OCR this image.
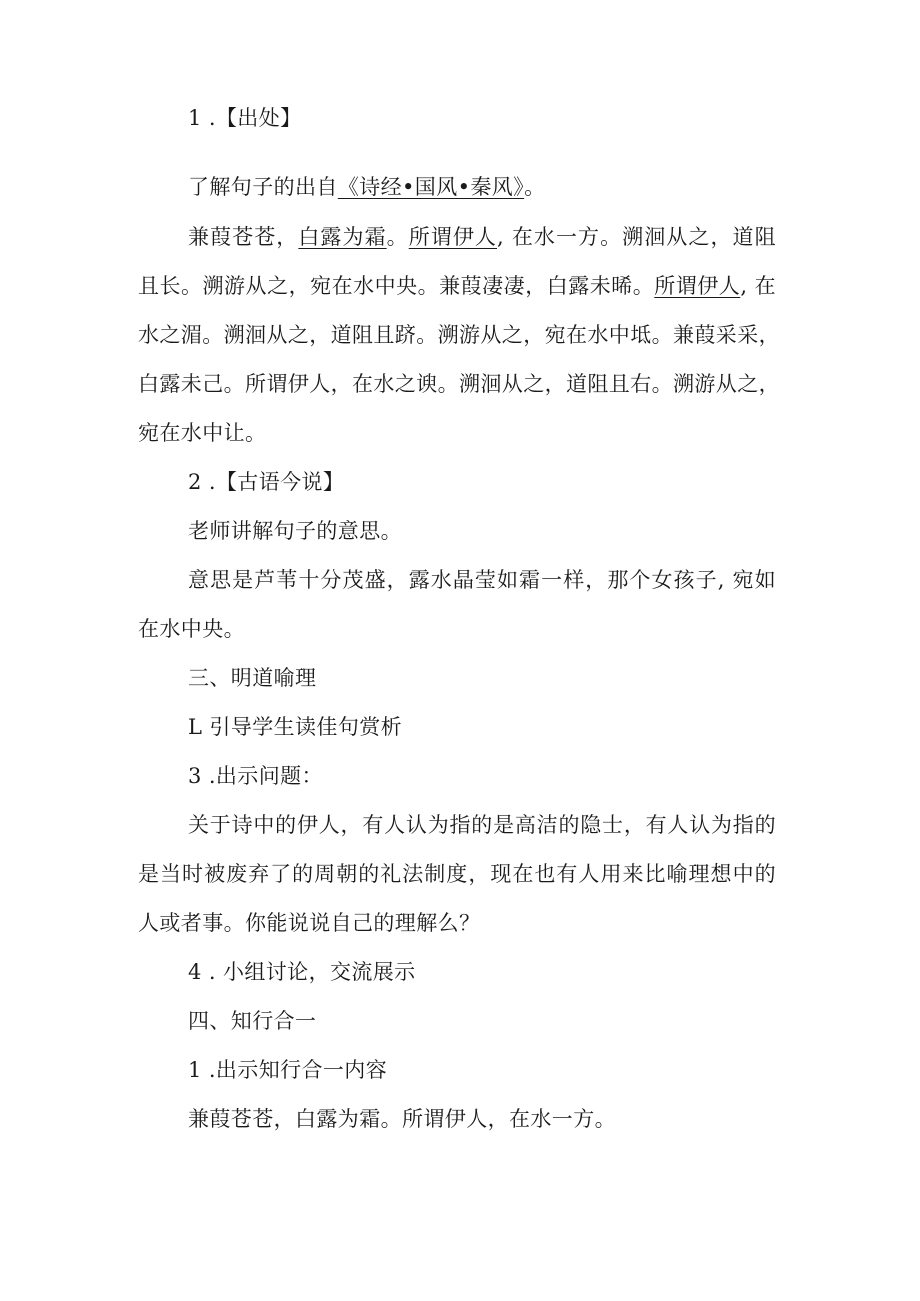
1 .【出处】
了解句子的出自《诗经•国风•秦风》。
兼葭苍苍，白露为霜。所谓伊人, 在水一方。溯洄从之，道阻
且长。溯游从之，宛在水中央。兼葭凄凄，白露未晞。所谓伊人, 在
水之湄。溯洄从之，道阻且跻。溯游从之，宛在水中坻。兼葭采采，
白露未己。所谓伊人，在水之谀。溯洄从之，道阻且右。溯游从之，
宛在水中让。
2 .【古语今说】
老师讲解句子的意思。
意思是芦苇十分茂盛，露水晶莹如霜一样，那个女孩子, 宛如
在水中央。
三、明道喻理
L 引导学生读佳句赏析
3 .出示问题：
关于诗中的伊人，有人认为指的是高洁的隐士，有人认为指的
是当时被废弃了的周朝的礼法制度，现在也有人用来比喻理想中的
人或者事。你能说说自己的理解么？
4 . 小组讨论，交流展示
四、知行合一
1 .出示知行合一内容
兼葭苍苍，白露为霜。所谓伊人，在水一方。
